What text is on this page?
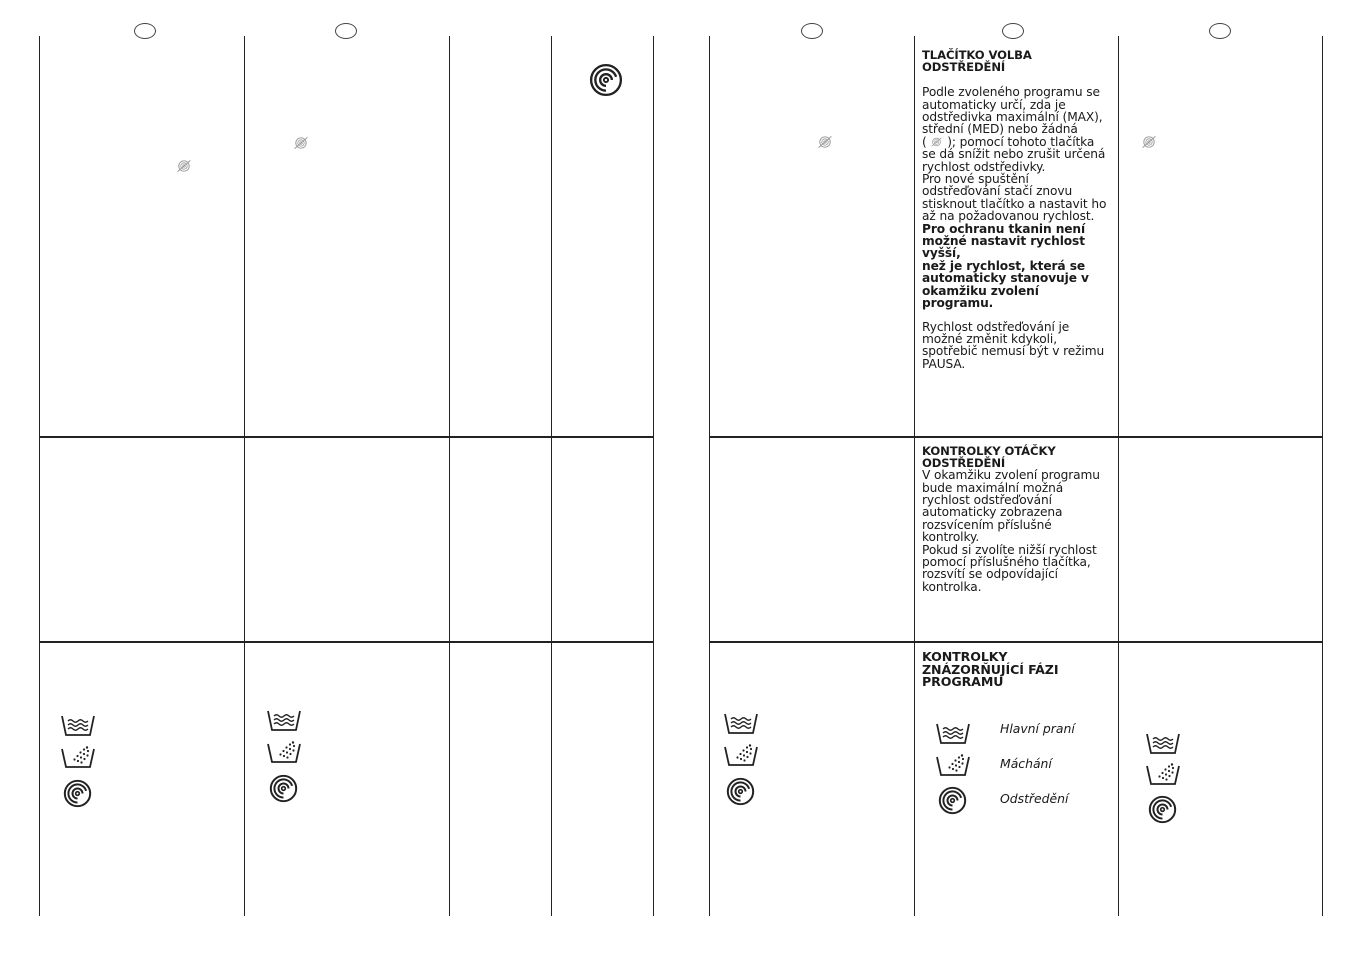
TLAČÍTKO VOLBA ODSTŘEDĚNÍ

Podle zvoleného programu se

automaticky určí, zda je

odstředivka maximální (MAX),

střední (MED) nebo žádná

( ); pomocí tohoto tlačítka

se dá snížit nebo zrušit určená

rychlost odstředivky.

Pro nové spuštění

odstřeďování stačí znovu

stisknout tlačítko a nastavit ho

až na požadovanou rychlost.

Pro ochranu tkanin není

možné nastavit rychlost vyšší,

než je rychlost, která se

automaticky stanovuje v

okamžiku zvolení programu.

Rychlost odstřeďování je

možné změnit kdykoli,

spotřebič nemusí být v režimu

PAUSA.

KONTROLKY OTÁČKY

ODSTŘEDĚNÍ

V okamžiku zvolení programu

bude maximální možná

rychlost odstřeďování

automaticky zobrazena

rozsvícením příslušné

kontrolky.

Pokud si zvolíte nižší rychlost

pomocí příslušného tlačítka,

rozsvítí se odpovídající

kontrolka.

KONTROLKY

ZNÁZORŇUJÍCÍ FÁZI

PROGRAMU

Hlavní praní
Máchání
Odstředění
